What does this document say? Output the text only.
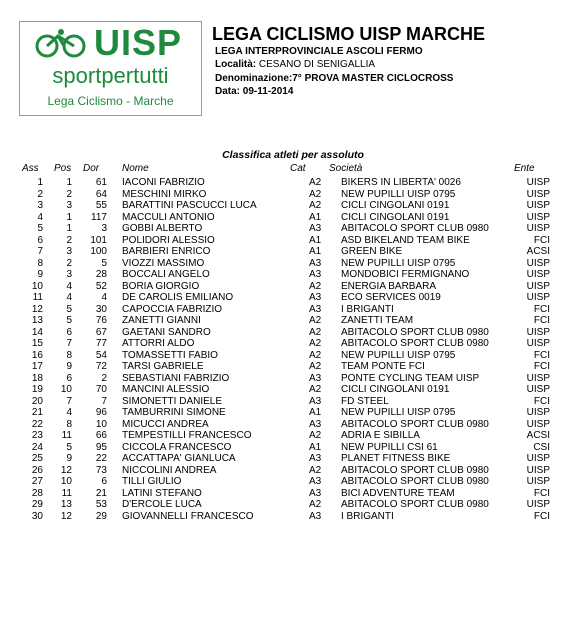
UISP
sportpertutti
Lega Ciclismo - Marche
LEGA CICLISMO UISP MARCHE
LEGA INTERPROVINCIALE ASCOLI FERMO
Località: CESANO DI SENIGALLIA
Denominazione:7° PROVA MASTER CICLOCROSS
Data: 09-11-2014
Classifica atleti per assoluto
Ass Pos Dor Nome	Cat Società	Ente
1	1	61 IACONI FABRIZIO	A2 BIKERS IN LIBERTA' 0026	UISP
2	2	64 MESCHINI MIRKO	A2 NEW PUPILLI UISP 0795	UISP
3	3	55 BARATTINI PASCUCCI LUCA	A2 CICLI CINGOLANI 0191	UISP
4	1	117 MACCULI ANTONIO	A1 CICLI CINGOLANI 0191	UISP
5	1	3 GOBBI ALBERTO	A3 ABITACOLO SPORT CLUB 0980	UISP
6	2	101 POLIDORI ALESSIO	A1 ASD BIKELAND TEAM BIKE	FCI
7	3	100 BARBIERI ENRICO	A1 GREEN BIKE	ACSI
8	2	5 VIOZZI MASSIMO	A3 NEW PUPILLI UISP 0795	UISP
9	3	28 BOCCALI ANGELO	A3 MONDOBICI FERMIGNANO	UISP
10	4	52 BORIA GIORGIO	A2 ENERGIA BARBARA	UISP
11	4	4 DE CAROLIS EMILIANO	A3 ECO SERVICES 0019	UISP
12	5	30 CAPOCCIA FABRIZIO	A3 I BRIGANTI	FCI
13	5	76 ZANETTI GIANNI	A2 ZANETTI TEAM	FCI
14	6	67 GAETANI SANDRO	A2 ABITACOLO SPORT CLUB 0980	UISP
15	7	77 ATTORRI ALDO	A2 ABITACOLO SPORT CLUB 0980	UISP
16	8	54 TOMASSETTI FABIO	A2 NEW PUPILLI UISP 0795	FCI
17	9	72 TARSI GABRIELE	A2 TEAM PONTE FCI	FCI
18	6	2 SEBASTIANI FABRIZIO	A3 PONTE CYCLING TEAM UISP	UISP
19	10	70 MANCINI ALESSIO	A2 CICLI CINGOLANI 0191	UISP
20	7	7 SIMONETTI DANIELE	A3 FD STEEL	FCI
21	4	96 TAMBURRINI SIMONE	A1 NEW PUPILLI UISP 0795	UISP
22	8	10 MICUCCI ANDREA	A3 ABITACOLO SPORT CLUB 0980	UISP
23	11	66 TEMPESTILLI FRANCESCO	A2 ADRIA E SIBILLA	ACSI
24	5	95 CICCOLA FRANCESCO	A1 NEW PUPILLI CSI 61	CSI
25	9	22 ACCATTAPA' GIANLUCA	A3 PLANET FITNESS BIKE	UISP
26	12	73 NICCOLINI ANDREA	A2 ABITACOLO SPORT CLUB 0980	UISP
27	10	6 TILLI GIULIO	A3 ABITACOLO SPORT CLUB 0980	UISP
28	11	21 LATINI STEFANO	A3 BICI ADVENTURE TEAM	FCI
29	13	53 D'ERCOLE LUCA	A2 ABITACOLO SPORT CLUB 0980	UISP
30	12	29 GIOVANNELLI FRANCESCO	A3 I BRIGANTI	FCI
